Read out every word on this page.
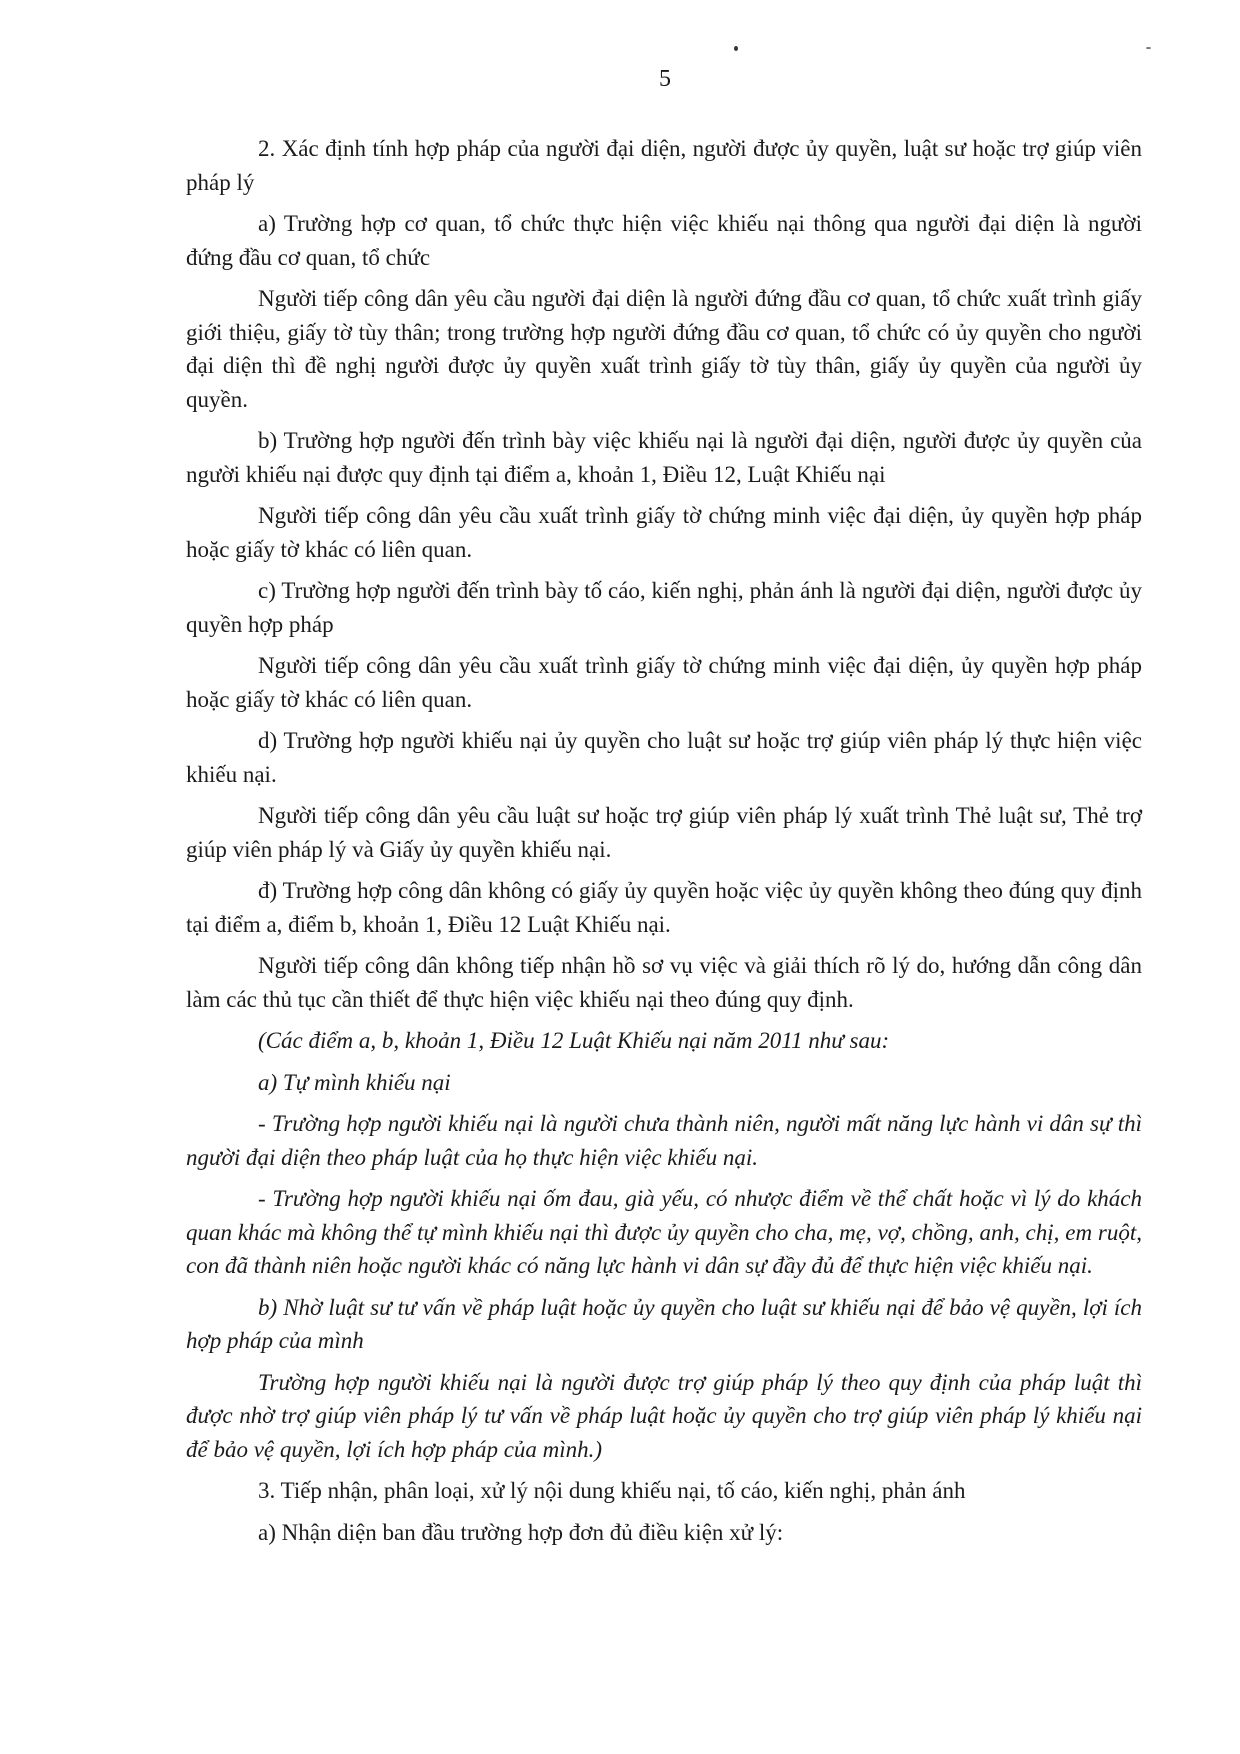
5

2. Xác định tính hợp pháp của người đại diện, người được ủy quyền, luật sư hoặc trợ giúp viên pháp lý

a) Trường hợp cơ quan, tổ chức thực hiện việc khiếu nại thông qua người đại diện là người đứng đầu cơ quan, tổ chức

Người tiếp công dân yêu cầu người đại diện là người đứng đầu cơ quan, tổ chức xuất trình giấy giới thiệu, giấy tờ tùy thân; trong trường hợp người đứng đầu cơ quan, tổ chức có ủy quyền cho người đại diện thì đề nghị người được ủy quyền xuất trình giấy tờ tùy thân, giấy ủy quyền của người ủy quyền.

b) Trường hợp người đến trình bày việc khiếu nại là người đại diện, người được ủy quyền của người khiếu nại được quy định tại điểm a, khoản 1, Điều 12, Luật Khiếu nại

Người tiếp công dân yêu cầu xuất trình giấy tờ chứng minh việc đại diện, ủy quyền hợp pháp hoặc giấy tờ khác có liên quan.

c) Trường hợp người đến trình bày tố cáo, kiến nghị, phản ánh là người đại diện, người được ủy quyền hợp pháp

Người tiếp công dân yêu cầu xuất trình giấy tờ chứng minh việc đại diện, ủy quyền hợp pháp hoặc giấy tờ khác có liên quan.

d) Trường hợp người khiếu nại ủy quyền cho luật sư hoặc trợ giúp viên pháp lý thực hiện việc khiếu nại.

Người tiếp công dân yêu cầu luật sư hoặc trợ giúp viên pháp lý xuất trình Thẻ luật sư, Thẻ trợ giúp viên pháp lý và Giấy ủy quyền khiếu nại.

đ) Trường hợp công dân không có giấy ủy quyền hoặc việc ủy quyền không theo đúng quy định tại điểm a, điểm b, khoản 1, Điều 12 Luật Khiếu nại.

Người tiếp công dân không tiếp nhận hồ sơ vụ việc và giải thích rõ lý do, hướng dẫn công dân làm các thủ tục cần thiết để thực hiện việc khiếu nại theo đúng quy định.

(Các điểm a, b, khoản 1, Điều 12 Luật Khiếu nại năm 2011 như sau:

a) Tự mình khiếu nại

- Trường hợp người khiếu nại là người chưa thành niên, người mất năng lực hành vi dân sự thì người đại diện theo pháp luật của họ thực hiện việc khiếu nại.

- Trường hợp người khiếu nại ốm đau, già yếu, có nhược điểm về thể chất hoặc vì lý do khách quan khác mà không thể tự mình khiếu nại thì được ủy quyền cho cha, mẹ, vợ, chồng, anh, chị, em ruột, con đã thành niên hoặc người khác có năng lực hành vi dân sự đầy đủ để thực hiện việc khiếu nại.

b) Nhờ luật sư tư vấn về pháp luật hoặc ủy quyền cho luật sư khiếu nại để bảo vệ quyền, lợi ích hợp pháp của mình

Trường hợp người khiếu nại là người được trợ giúp pháp lý theo quy định của pháp luật thì được nhờ trợ giúp viên pháp lý tư vấn về pháp luật hoặc ủy quyền cho trợ giúp viên pháp lý khiếu nại để bảo vệ quyền, lợi ích hợp pháp của mình.)

3. Tiếp nhận, phân loại, xử lý nội dung khiếu nại, tố cáo, kiến nghị, phản ánh

a) Nhận diện ban đầu trường hợp đơn đủ điều kiện xử lý:
